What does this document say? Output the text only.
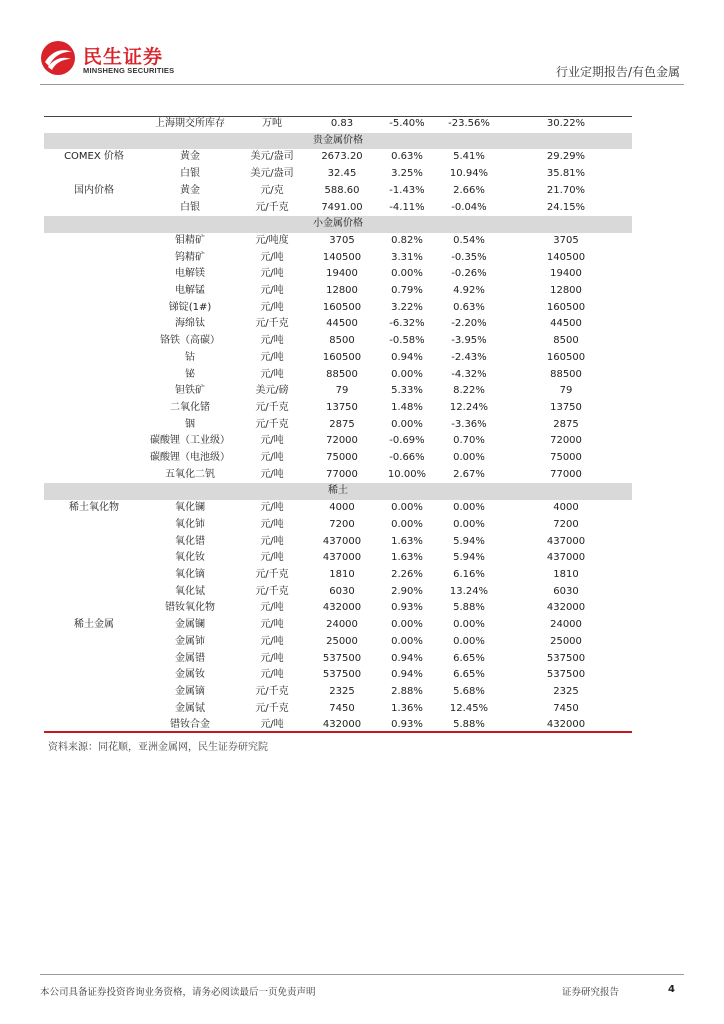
民生证券
MINSHENG SECURITIES	行业定期报告/有色金属
	上海期交所库存	万吨	0.83	-5.40%	-23.56%	30.22%
贵金属价格						
COMEX 价格	黄金	美元/盎司	2673.20	0.63%	5.41%	29.29%
	白银	美元/盎司	32.45	3.25%	10.94%	35.81%
国内价格	黄金	元/克	588.60	-1.43%	2.66%	21.70%
	白银	元/千克	7491.00	-4.11%	-0.04%	24.15%
小金属价格						
	钼精矿	元/吨度	3705	0.82%	0.54%	3705
	钨精矿	元/吨	140500	3.31%	-0.35%	140500
	电解镁	元/吨	19400	0.00%	-0.26%	19400
	电解锰	元/吨	12800	0.79%	4.92%	12800
	锑锭(1#)	元/吨	160500	3.22%	0.63%	160500
	海绵钛	元/千克	44500	-6.32%	-2.20%	44500
	铬铁（高碳）	元/吨	8500	-0.58%	-3.95%	8500
	钴	元/吨	160500	0.94%	-2.43%	160500
	铋	元/吨	88500	0.00%	-4.32%	88500
	钽铁矿	美元/磅	79	5.33%	8.22%	79
	二氧化锗	元/千克	13750	1.48%	12.24%	13750
	铟	元/千克	2875	0.00%	-3.36%	2875
	碳酸锂（工业级）	元/吨	72000	-0.69%	0.70%	72000
	碳酸锂（电池级）	元/吨	75000	-0.66%	0.00%	75000
	五氧化二钒	元/吨	77000	10.00%	2.67%	77000
稀土						
稀土氧化物	氧化镧	元/吨	4000	0.00%	0.00%	4000
	氧化铈	元/吨	7200	0.00%	0.00%	7200
	氧化镨	元/吨	437000	1.63%	5.94%	437000
	氧化钕	元/吨	437000	1.63%	5.94%	437000
	氧化镝	元/千克	1810	2.26%	6.16%	1810
	氧化铽	元/千克	6030	2.90%	13.24%	6030
	镨钕氧化物	元/吨	432000	0.93%	5.88%	432000
稀土金属	金属镧	元/吨	24000	0.00%	0.00%	24000
	金属铈	元/吨	25000	0.00%	0.00%	25000
	金属镨	元/吨	537500	0.94%	6.65%	537500
	金属钕	元/吨	537500	0.94%	6.65%	537500
	金属镝	元/千克	2325	2.88%	5.68%	2325
	金属铽	元/千克	7450	1.36%	12.45%	7450
	镨钕合金	元/吨	432000	0.93%	5.88%	432000
资料来源：同花顺，亚洲金属网，民生证券研究院
本公司具备证券投资咨询业务资格，请务必阅读最后一页免责声明	证券研究报告	4
